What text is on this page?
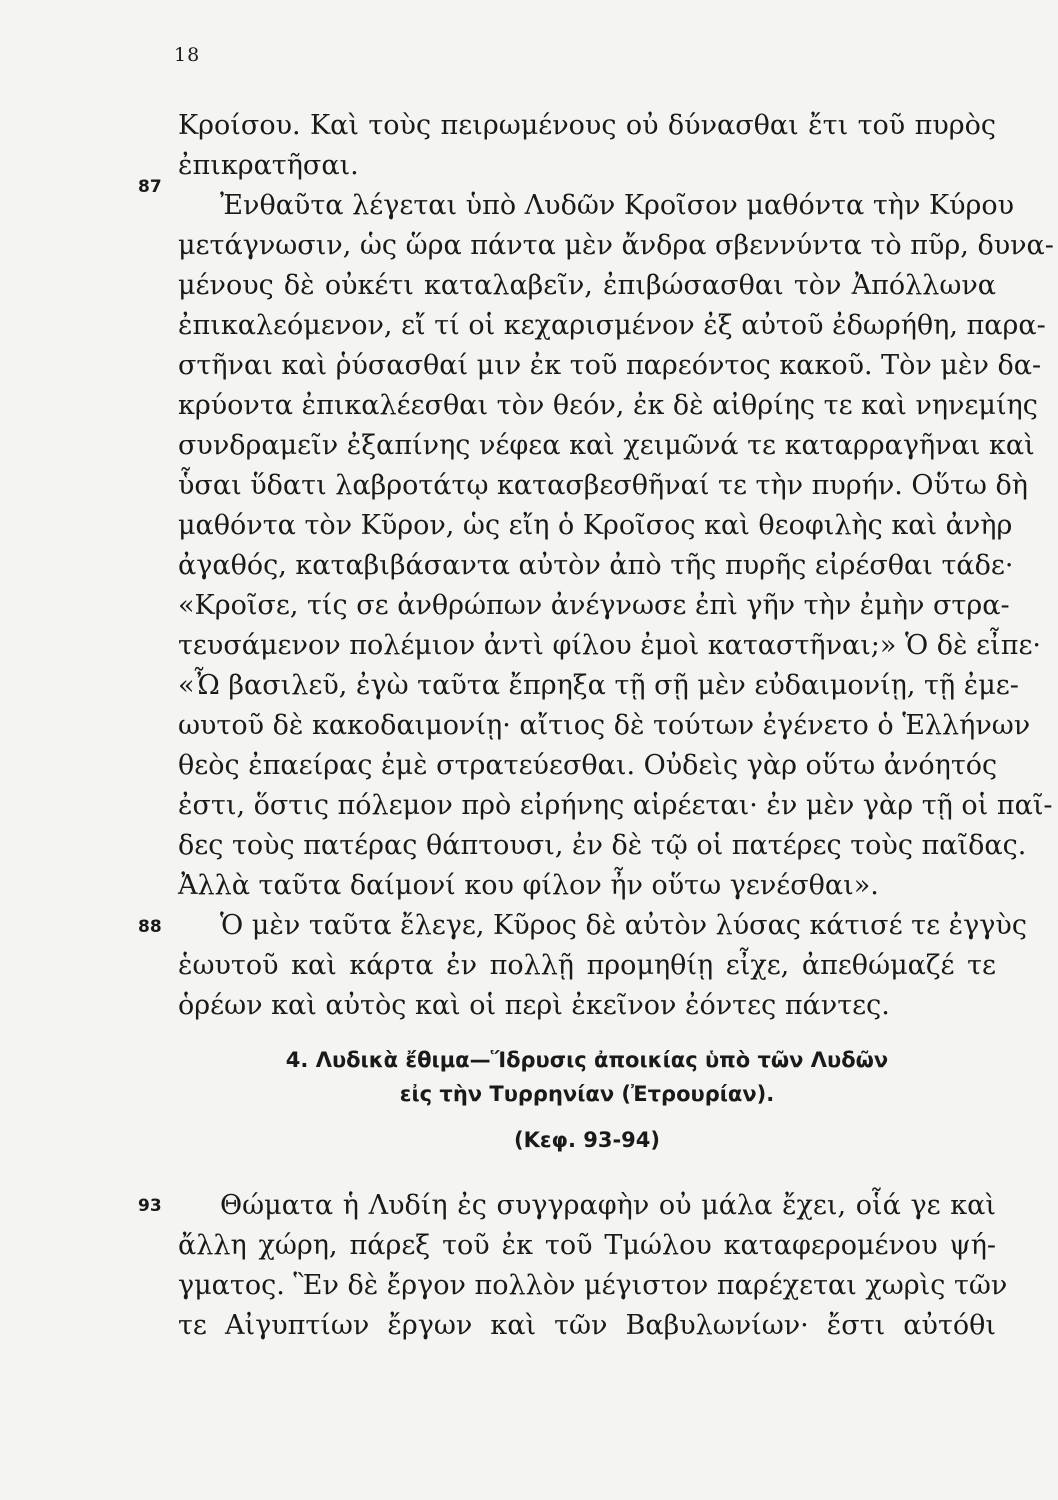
18
Κροίσου. Καὶ τοὺς πειρωμένους οὐ δύνασθαι ἔτι τοῦ πυρὸς
ἐπικρατῆσαι.
87
Ἐνθαῦτα λέγεται ὑπὸ Λυδῶν Κροῖσον μαθόντα τὴν Κύρου
μετάγνωσιν, ὡς ὥρα πάντα μὲν ἄνδρα σβεννύντα τὸ πῦρ, δυνα-
μένους δὲ οὐκέτι καταλαβεῖν, ἐπιβώσασθαι τὸν Ἀπόλλωνα
ἐπικαλεόμενον, εἴ τί οἱ κεχαρισμένον ἐξ αὐτοῦ ἐδωρήθη, παρα-
στῆναι καὶ ῥύσασθαί μιν ἐκ τοῦ παρεόντος κακοῦ. Τὸν μὲν δα-
κρύοντα ἐπικαλέεσθαι τὸν θεόν, ἐκ δὲ αἰθρίης τε καὶ νηνεμίης
συνδραμεῖν ἐξαπίνης νέφεα καὶ χειμῶνά τε καταρραγῆναι καὶ
ὗσαι ὕδατι λαβροτάτῳ κατασβεσθῆναί τε τὴν πυρήν. Οὕτω δὴ
μαθόντα τὸν Κῦρον, ὡς εἴη ὁ Κροῖσος καὶ θεοφιλὴς καὶ ἀνὴρ
ἀγαθός, καταβιβάσαντα αὐτὸν ἀπὸ τῆς πυρῆς εἰρέσθαι τάδε·
«Κροῖσε, τίς σε ἀνθρώπων ἀνέγνωσε ἐπὶ γῆν τὴν ἐμὴν στρα-
τευσάμενον πολέμιον ἀντὶ φίλου ἐμοὶ καταστῆναι;» Ὁ δὲ εἶπε·
«Ὦ βασιλεῦ, ἐγὼ ταῦτα ἔπρηξα τῇ σῇ μὲν εὐδαιμονίῃ, τῇ ἐμε-
ωυτοῦ δὲ κακοδαιμονίῃ· αἴτιος δὲ τούτων ἐγένετο ὁ Ἑλλήνων
θεὸς ἐπαείρας ἐμὲ στρατεύεσθαι. Οὐδεὶς γὰρ οὕτω ἀνόητός
ἐστι, ὅστις πόλεμον πρὸ εἰρήνης αἱρέεται· ἐν μὲν γὰρ τῇ οἱ παῖ-
δες τοὺς πατέρας θάπτουσι, ἐν δὲ τῷ οἱ πατέρες τοὺς παῖδας.
Ἀλλὰ ταῦτα δαίμονί κου φίλον ἦν οὕτω γενέσθαι».
88	Ὁ μὲν ταῦτα ἔλεγε, Κῦρος δὲ αὐτὸν λύσας κάτισέ τε ἐγγὺς
ἑωυτοῦ καὶ κάρτα ἐν πολλῇ προμηθίῃ εἶχε, ἀπεθώμαζέ τε
ὁρέων καὶ αὐτὸς καὶ οἱ περὶ ἐκεῖνον ἐόντες πάντες.
4. Λυδικὰ ἔθιμα—Ἵδρυσις ἀποικίας ὑπὸ τῶν Λυδῶν
εἰς τὴν Τυρρηνίαν (Ἐτρουρίαν).
(Κεφ. 93-94)
93	Θώματα ἡ Λυδίη ἐς συγγραφὴν οὐ μάλα ἔχει, οἷά γε καὶ
ἄλλη χώρη, πάρεξ τοῦ ἐκ τοῦ Τμώλου καταφερομένου ψή-
γματος. Ἓν δὲ ἔργον πολλὸν μέγιστον παρέχεται χωρὶς τῶν
τε Αἰγυπτίων ἔργων καὶ τῶν Βαβυλωνίων· ἔστι αὐτόθι
